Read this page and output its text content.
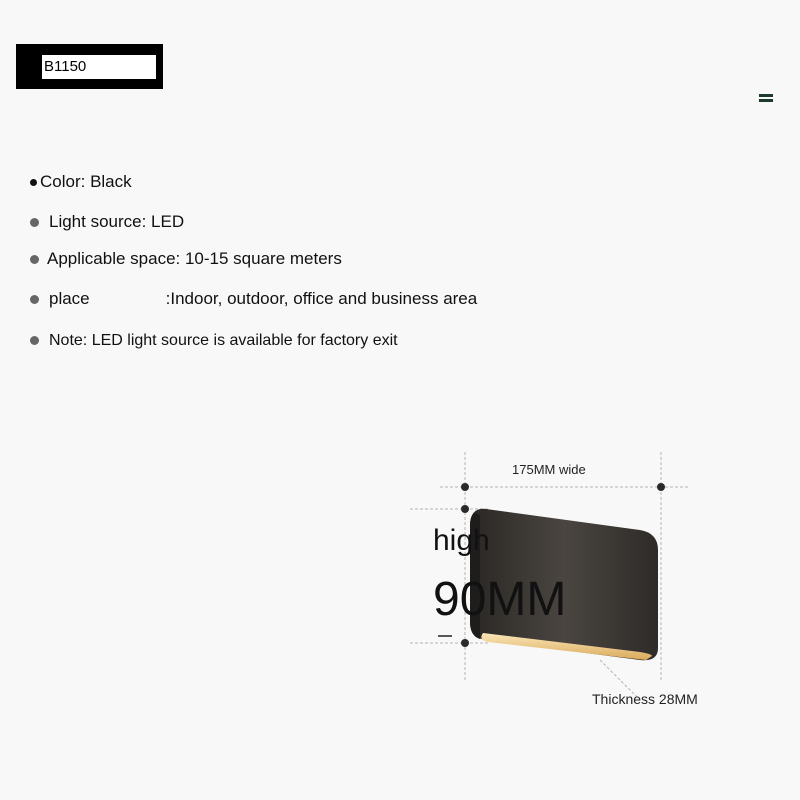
B1150
Color: Black
Light source: LED
Applicable space: 10-15 square meters
place	:Indoor, outdoor, office and business area
Note: LED light source is available for factory exit
175MM wide
high
90MM
Thickness 28MM
